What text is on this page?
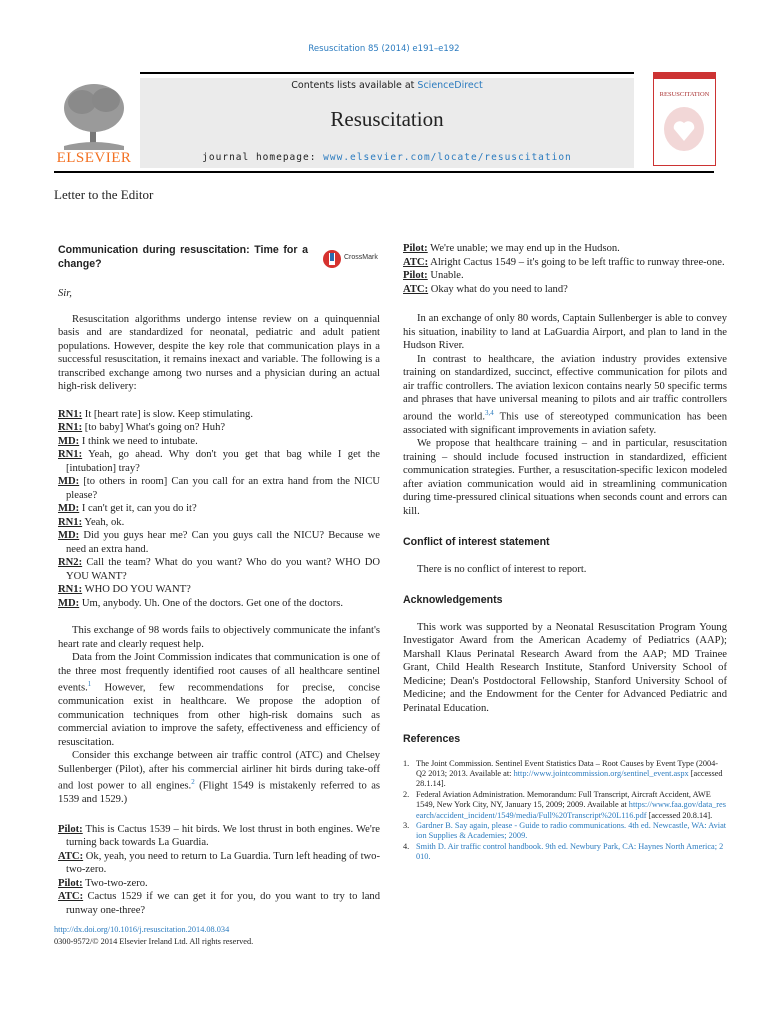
Resuscitation 85 (2014) e191–e192
ELSEVIER
Contents lists available at ScienceDirect
Resuscitation
journal homepage: www.elsevier.com/locate/resuscitation
RESUSCITATION
Letter to the Editor

Communication during resuscitation: Time for a change?

Sir,

Resuscitation algorithms undergo intense review on a quinquennial basis and are standardized for neonatal, pediatric and adult patient populations. However, despite the key role that communication plays in a successful resuscitation, it remains inexact and variable. The following is a transcribed exchange among two nurses and a physician during an actual high-risk delivery:

RN1: It [heart rate] is slow. Keep stimulating.

RN1: [to baby] What's going on? Huh?

MD: I think we need to intubate.

RN1: Yeah, go ahead. Why don't you get that bag while I get the [intubation] tray?

MD: [to others in room] Can you call for an extra hand from the NICU please?

MD: I can't get it, can you do it?

RN1: Yeah, ok.

MD: Did you guys hear me? Can you guys call the NICU? Because we need an extra hand.

RN2: Call the team? What do you want? Who do you want? WHO DO YOU WANT?

RN1: WHO DO YOU WANT?

MD: Um, anybody. Uh. One of the doctors. Get one of the doctors.

This exchange of 98 words fails to objectively communicate the infant's heart rate and clearly request help.

Data from the Joint Commission indicates that communication is one of the three most frequently identified root causes of all healthcare sentinel events.$^1$ However, few recommendations for precise, concise communication exist in healthcare. We propose the adoption of communication techniques from other high-risk domains such as commercial aviation to improve the safety, effectiveness and efficiency of resuscitation.

Consider this exchange between air traffic control (ATC) and Chelsey Sullenberger (Pilot), after his commercial airliner hit birds during take-off and lost power to all engines.$^2$ (Flight 1549 is mistakenly referred to as 1539 and 1529.)

Pilot: This is Cactus 1539 – hit birds. We lost thrust in both engines. We're turning back towards La Guardia.

ATC: Ok, yeah, you need to return to La Guardia. Turn left heading of two-two-zero.

Pilot: Two-two-zero.

ATC: Cactus 1529 if we can get it for you, do you want to try to land runway one-three?

CrossMark

Pilot: We're unable; we may end up in the Hudson.

ATC: Alright Cactus 1549 – it's going to be left traffic to runway three-one.

Pilot: Unable.

ATC: Okay what do you need to land?

In an exchange of only 80 words, Captain Sullenberger is able to convey his situation, inability to land at LaGuardia Airport, and plan to land in the Hudson River.

In contrast to healthcare, the aviation industry provides extensive training on standardized, succinct, effective communication for pilots and air traffic controllers. The aviation lexicon contains nearly 50 specific terms and phrases that have universal meaning to pilots and air traffic controllers around the world.$^{3,4}$ This use of stereotyped communication has been associated with significant improvements in aviation safety.

We propose that healthcare training – and in particular, resuscitation training – should include focused instruction in standardized, efficient communication strategies. Further, a resuscitation-specific lexicon modeled after aviation communication would aid in streamlining communication during time-pressured clinical situations when seconds count and errors can kill.

Conflict of interest statement

There is no conflict of interest to report.

Acknowledgements

This work was supported by a Neonatal Resuscitation Program Young Investigator Award from the American Academy of Pediatrics (AAP); Marshall Klaus Perinatal Research Award from the AAP; MD Trainee Grant, Child Health Research Institute, Stanford University School of Medicine; Dean's Postdoctoral Fellowship, Stanford University School of Medicine; and the Endowment for the Center for Advanced Pediatric and Perinatal Education.

References

1.The Joint Commission. Sentinel Event Statistics Data – Root Causes by Event Type (2004-Q2 2013; 2013. Available at: http://www.jointcommission.org/sentinel_event.aspx [accessed 28.1.14].

2.Federal Aviation Administration. Memorandum: Full Transcript, Aircraft Accident, AWE 1549, New York City, NY, January 15, 2009; 2009. Available at https://www.faa.gov/data_research/accident_incident/1549/media/Full%20Transcript%20L116.pdf [accessed 20.8.14].

3.Gardner B. Say again, please - Guide to radio communications. 4th ed. Newcastle, WA: Aviation Supplies & Academies; 2009.

4.Smith D. Air traffic control handbook. 9th ed. Newbury Park, CA: Haynes North America; 2010.

http://dx.doi.org/10.1016/j.resuscitation.2014.08.034
0300-9572/© 2014 Elsevier Ireland Ltd. All rights reserved.
